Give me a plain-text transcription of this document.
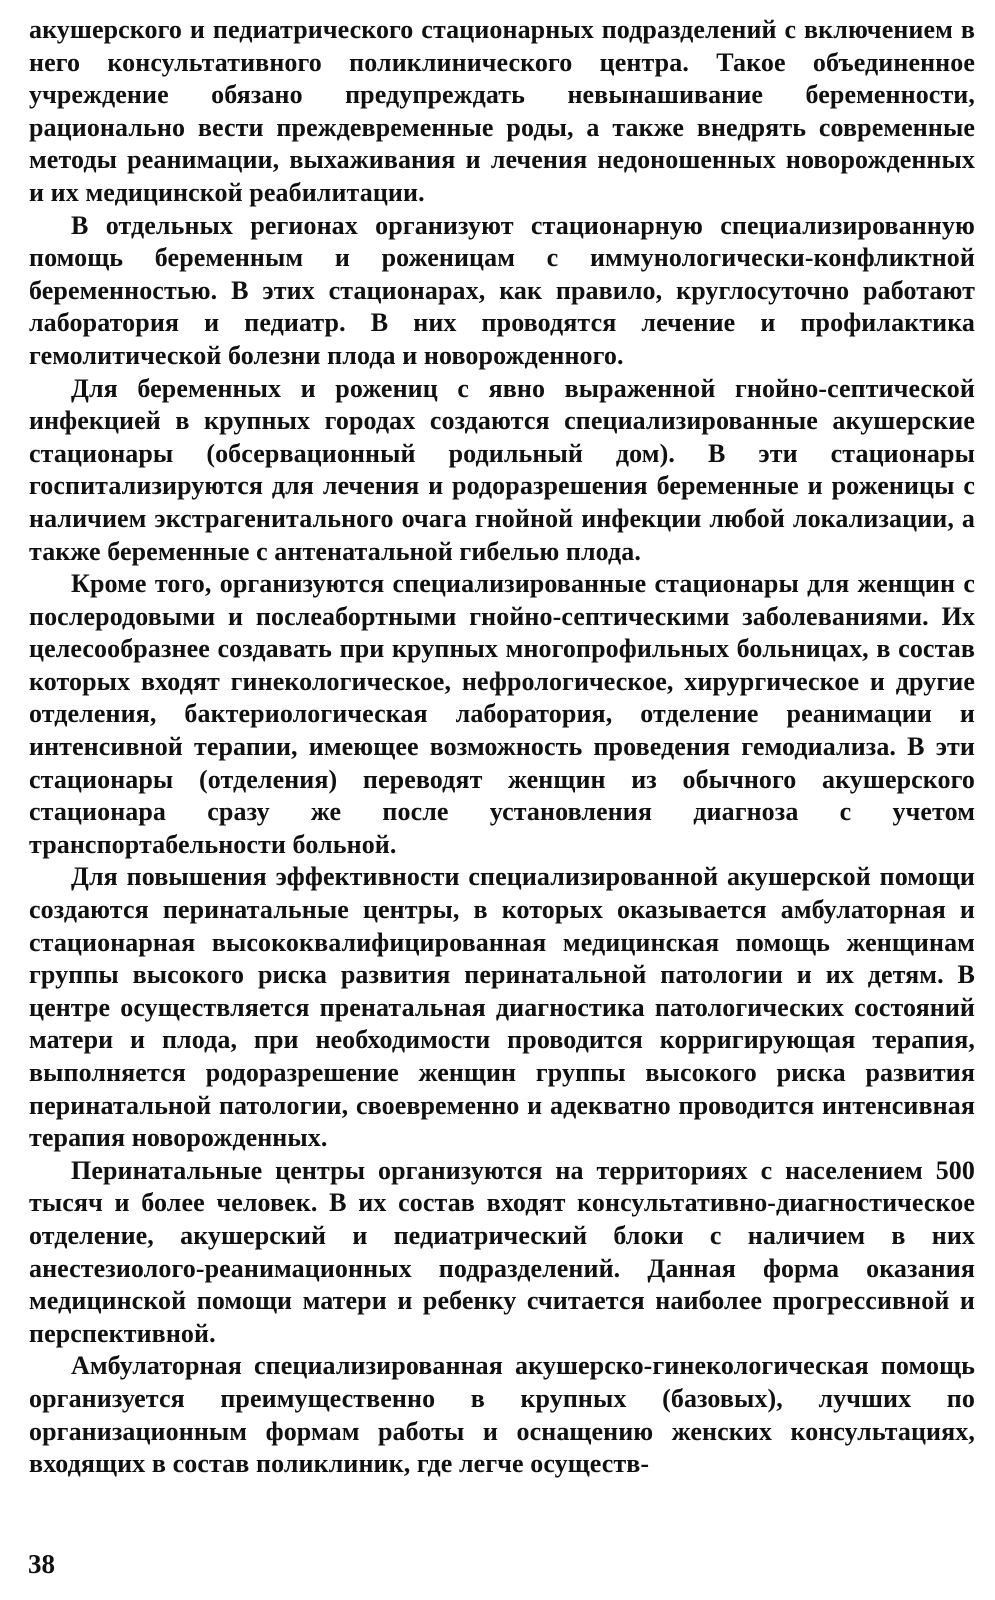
акушерского и педиатрического стационарных подразделений с включением в него консультативного поликлинического центра. Такое объединенное учреждение обязано предупреждать невынашивание беременности, рационально вести преждевременные роды, а также внедрять современные методы реанимации, выхаживания и лечения недоношенных новорожденных и их медицинской реабилитации.

В отдельных регионах организуют стационарную специализированную помощь беременным и роженицам с иммунологически-конфликтной беременностью. В этих стационарах, как правило, круглосуточно работают лаборатория и педиатр. В них проводятся лечение и профилактика гемолитической болезни плода и новорожденного.

Для беременных и рожениц с явно выраженной гнойно-септической инфекцией в крупных городах создаются специализированные акушерские стационары (обсервационный родильный дом). В эти стационары госпитализируются для лечения и родоразрешения беременные и роженицы с наличием экстрагенитального очага гнойной инфекции любой локализации, а также беременные с антенатальной гибелью плода.

Кроме того, организуются специализированные стационары для женщин с послеродовыми и послеабортными гнойно-септическими заболеваниями. Их целесообразнее создавать при крупных многопрофильных больницах, в состав которых входят гинекологическое, нефрологическое, хирургическое и другие отделения, бактериологическая лаборатория, отделение реанимации и интенсивной терапии, имеющее возможность проведения гемодиализа. В эти стационары (отделения) переводят женщин из обычного акушерского стационара сразу же после установления диагноза с учетом транспортабельности больной.

Для повышения эффективности специализированной акушерской помощи создаются перинатальные центры, в которых оказывается амбулаторная и стационарная высококвалифицированная медицинская помощь женщинам группы высокого риска развития перинатальной патологии и их детям. В центре осуществляется пренатальная диагностика патологических состояний матери и плода, при необходимости проводится корригирующая терапия, выполняется родоразрешение женщин группы высокого риска развития перинатальной патологии, своевременно и адекватно проводится интенсивная терапия новорожденных.

Перинатальные центры организуются на территориях с населением 500 тысяч и более человек. В их состав входят консультативно-диагностическое отделение, акушерский и педиатрический блоки с наличием в них анестезиолого-реанимационных подразделений. Данная форма оказания медицинской помощи матери и ребенку считается наиболее прогрессивной и перспективной.

Амбулаторная специализированная акушерско-гинекологическая помощь организуется преимущественно в крупных (базовых), лучших по организационным формам работы и оснащению женских консультациях, входящих в состав поликлиник, где легче осуществ-

38
